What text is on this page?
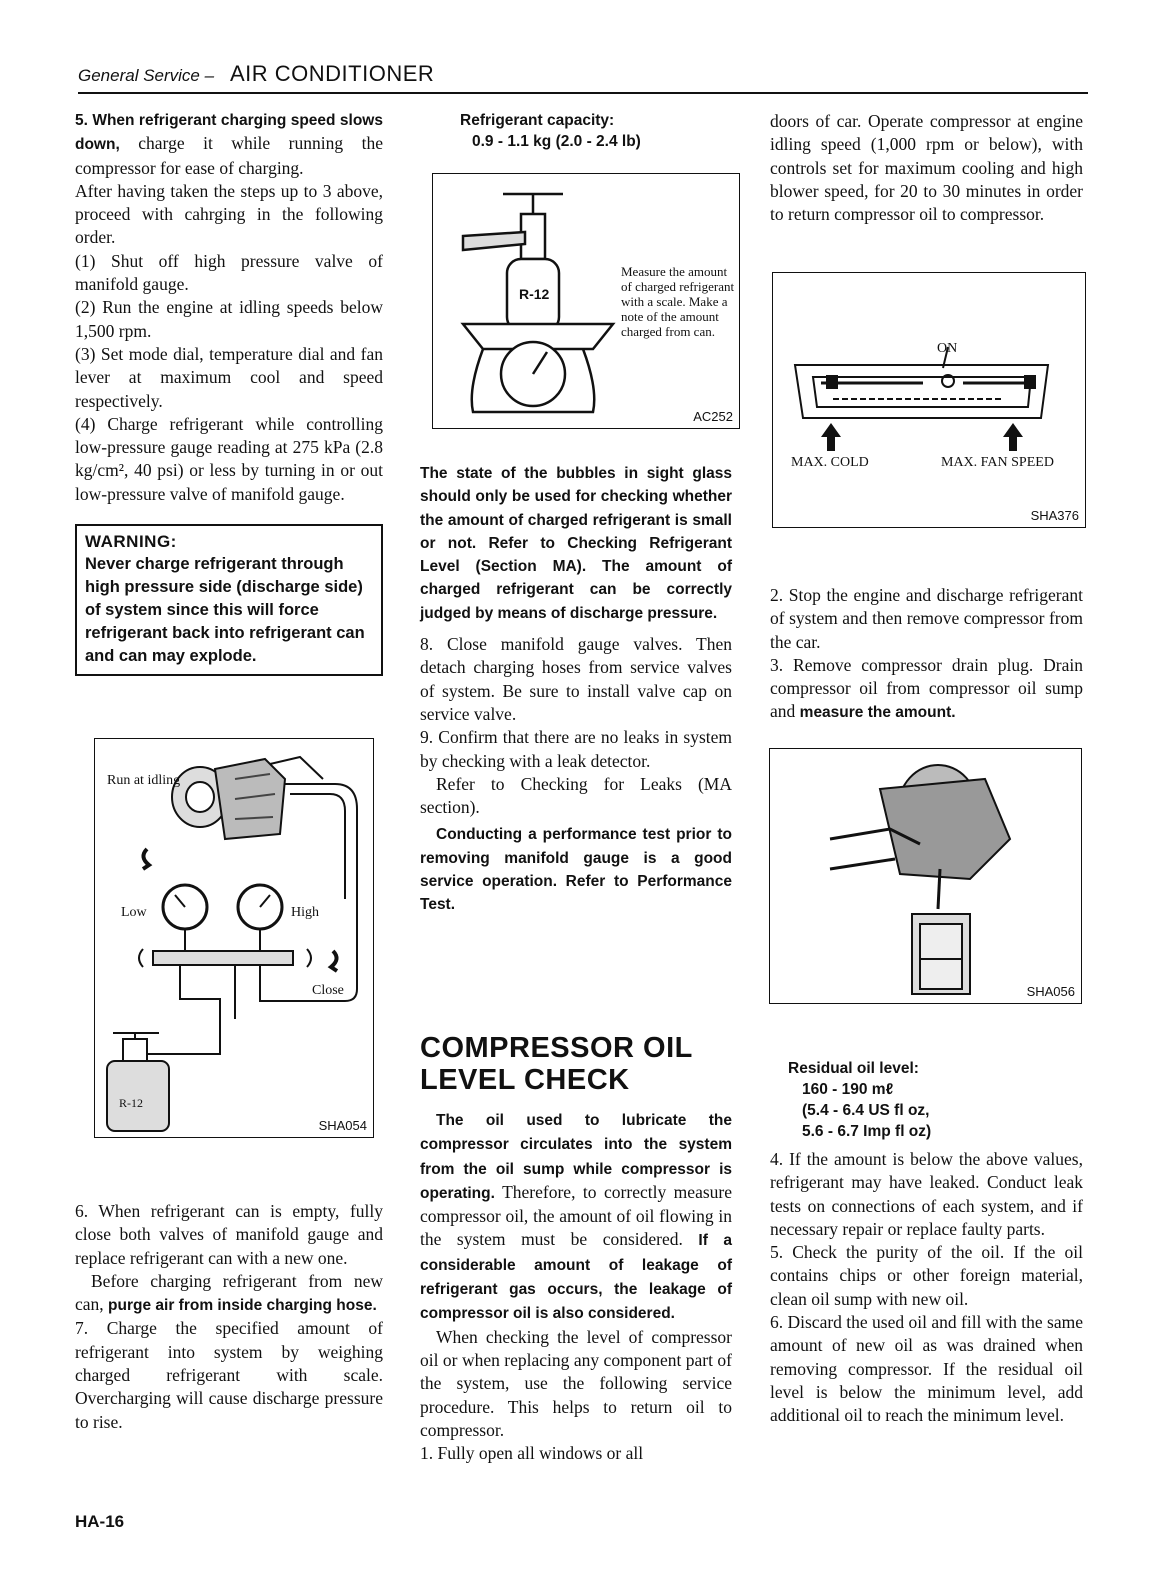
General Service – AIR CONDITIONER

5. When refrigerant charging speed slows down, charge it while running the compressor for ease of charging.

After having taken the steps up to 3 above, proceed with cahrging in the following order.

(1) Shut off high pressure valve of manifold gauge.

(2) Run the engine at idling speeds below 1,500 rpm.

(3) Set mode dial, temperature dial and fan lever at maximum cool and speed respectively.

(4) Charge refrigerant while controlling low-pressure gauge reading at 275 kPa (2.8 kg/cm², 40 psi) or less by turning in or out low-pressure valve of manifold gauge.

WARNING:
Never charge refrigerant through high pressure side (discharge side) of system since this will force refrigerant back into refrigerant can and can may explode.
Run at idling
Low	High
Close
R-12
SHA054

6. When refrigerant can is empty, fully close both valves of manifold gauge and replace refrigerant can with a new one.

Before charging refrigerant from new can, purge air from inside charging hose.

7. Charge the specified amount of refrigerant into system by weighing charged refrigerant with scale. Overcharging will cause discharge pressure to rise.

Refrigerant capacity:
0.9 - 1.1 kg (2.0 - 2.4 lb)
R-12
Measure the amount of charged refrigerant with a scale. Make a note of the amount charged from can.
AC252

The state of the bubbles in sight glass should only be used for checking whether the amount of charged refrigerant is small or not. Refer to Checking Refrigerant Level (Section MA). The amount of charged refrigerant can be correctly judged by means of discharge pressure.

8. Close manifold gauge valves. Then detach charging hoses from service valves of system. Be sure to install valve cap on service valve.

9. Confirm that there are no leaks in system by checking with a leak detector.

Refer to Checking for Leaks (MA section).

Conducting a performance test prior to removing manifold gauge is a good service operation. Refer to Performance Test.

COMPRESSOR OIL
LEVEL CHECK

The oil used to lubricate the compressor circulates into the system from the oil sump while compressor is operating. Therefore, to correctly measure compressor oil, the amount of oil flowing in the system must be considered. If a considerable amount of leakage of refrigerant gas occurs, the leakage of compressor oil is also considered.

When checking the level of compressor oil or when replacing any component part of the system, use the following service procedure. This helps to return oil to compressor.

1. Fully open all windows or all

doors of car. Operate compressor at engine idling speed (1,000 rpm or below), with controls set for maximum cooling and high blower speed, for 20 to 30 minutes in order to return compressor oil to compressor.

ON
MAX. COLD	MAX. FAN SPEED
SHA376

2. Stop the engine and discharge refrigerant of system and then remove compressor from the car.

3. Remove compressor drain plug. Drain compressor oil from compressor oil sump and measure the amount.

SHA056
Residual oil level:
160 - 190 mℓ
(5.4 - 6.4 US fl oz,
5.6 - 6.7 Imp fl oz)

4. If the amount is below the above values, refrigerant may have leaked. Conduct leak tests on connections of each system, and if necessary repair or replace faulty parts.

5. Check the purity of the oil. If the oil contains chips or other foreign material, clean oil sump with new oil.

6. Discard the used oil and fill with the same amount of new oil as was drained when removing compressor. If the residual oil level is below the minimum level, add additional oil to reach the minimum level.

HA-16
